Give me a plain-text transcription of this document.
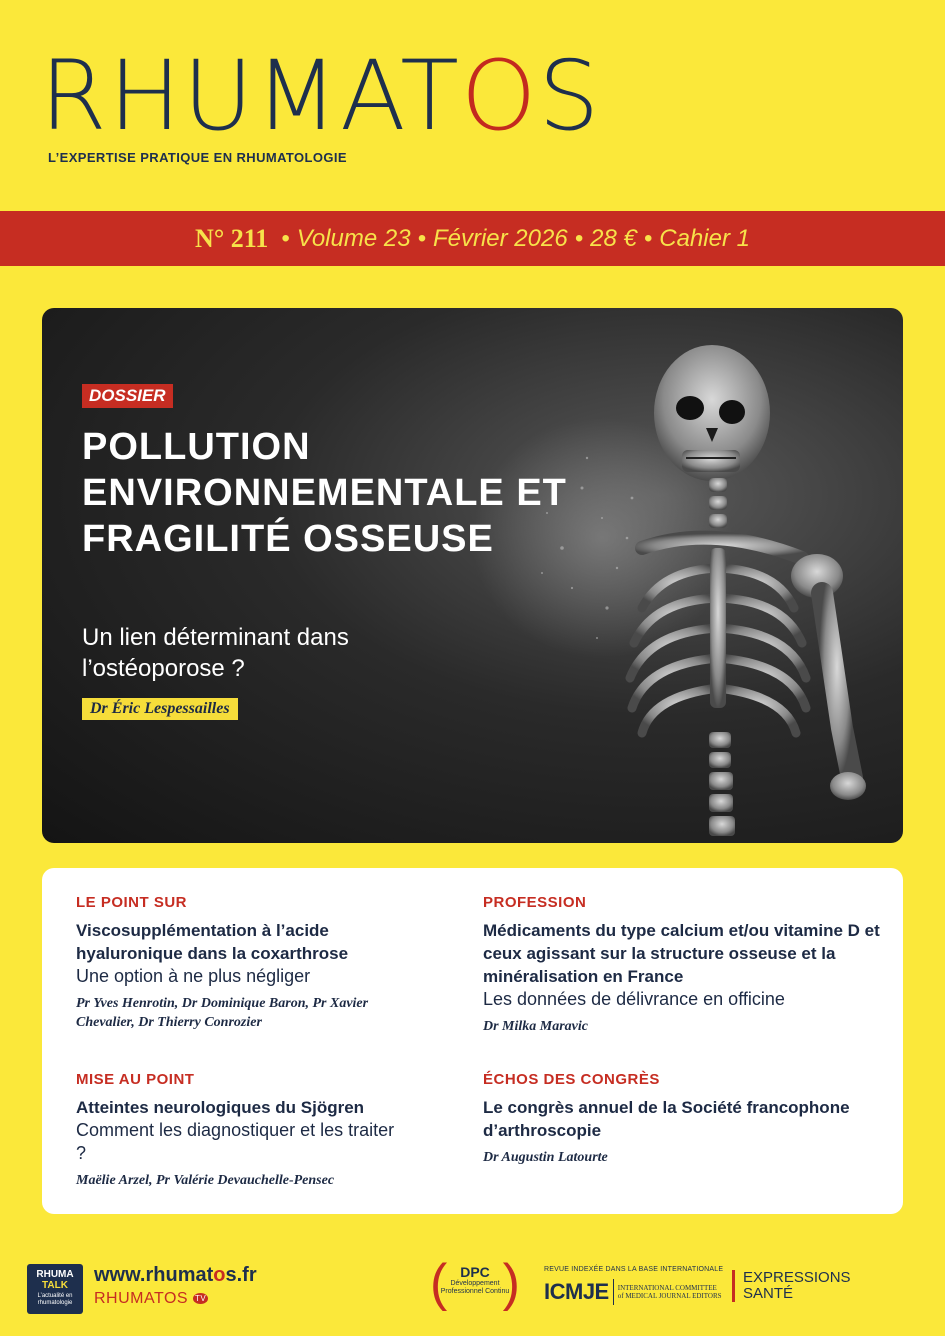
RHUMATOS
L’EXPERTISE PRATIQUE EN RHUMATOLOGIE
N° 211 • Volume 23 • Février 2026 • 28 € • Cahier 1
DOSSIER
POLLUTION ENVIRONNEMENTALE ET FRAGILITÉ OSSEUSE
Un lien déterminant dans l’ostéoporose ?
Dr Éric Lespessailles
LE POINT SUR
Viscosupplémentation à l’acide hyaluronique dans la coxarthrose
Une option à ne plus négliger
Pr Yves Henrotin, Dr Dominique Baron, Pr Xavier Chevalier, Dr Thierry Conrozier
PROFESSION
Médicaments du type calcium et/ou vitamine D et ceux agissant sur la structure osseuse et la minéralisation en France
Les données de délivrance en officine
Dr Milka Maravic
MISE AU POINT
Atteintes neurologiques du Sjögren
Comment les diagnostiquer et les traiter ?
Maëlie Arzel, Pr Valérie Devauchelle-Pensec
ÉCHOS DES CONGRÈS
Le congrès annuel de la Société francophone d’arthroscopie
Dr Augustin Latourte
RHUMA
TALK
L’actualité en rhumatologie
www.rhumatos.fr
RHUMATOS TV	( )
DPC
Développement Professionnel Continu
REVUE INDEXÉE DANS LA BASE INTERNATIONALE
ICMJE	INTERNATIONAL COMMITTEE of MEDICAL JOURNAL EDITORS
EXPRESSIONS
SANTÉ
